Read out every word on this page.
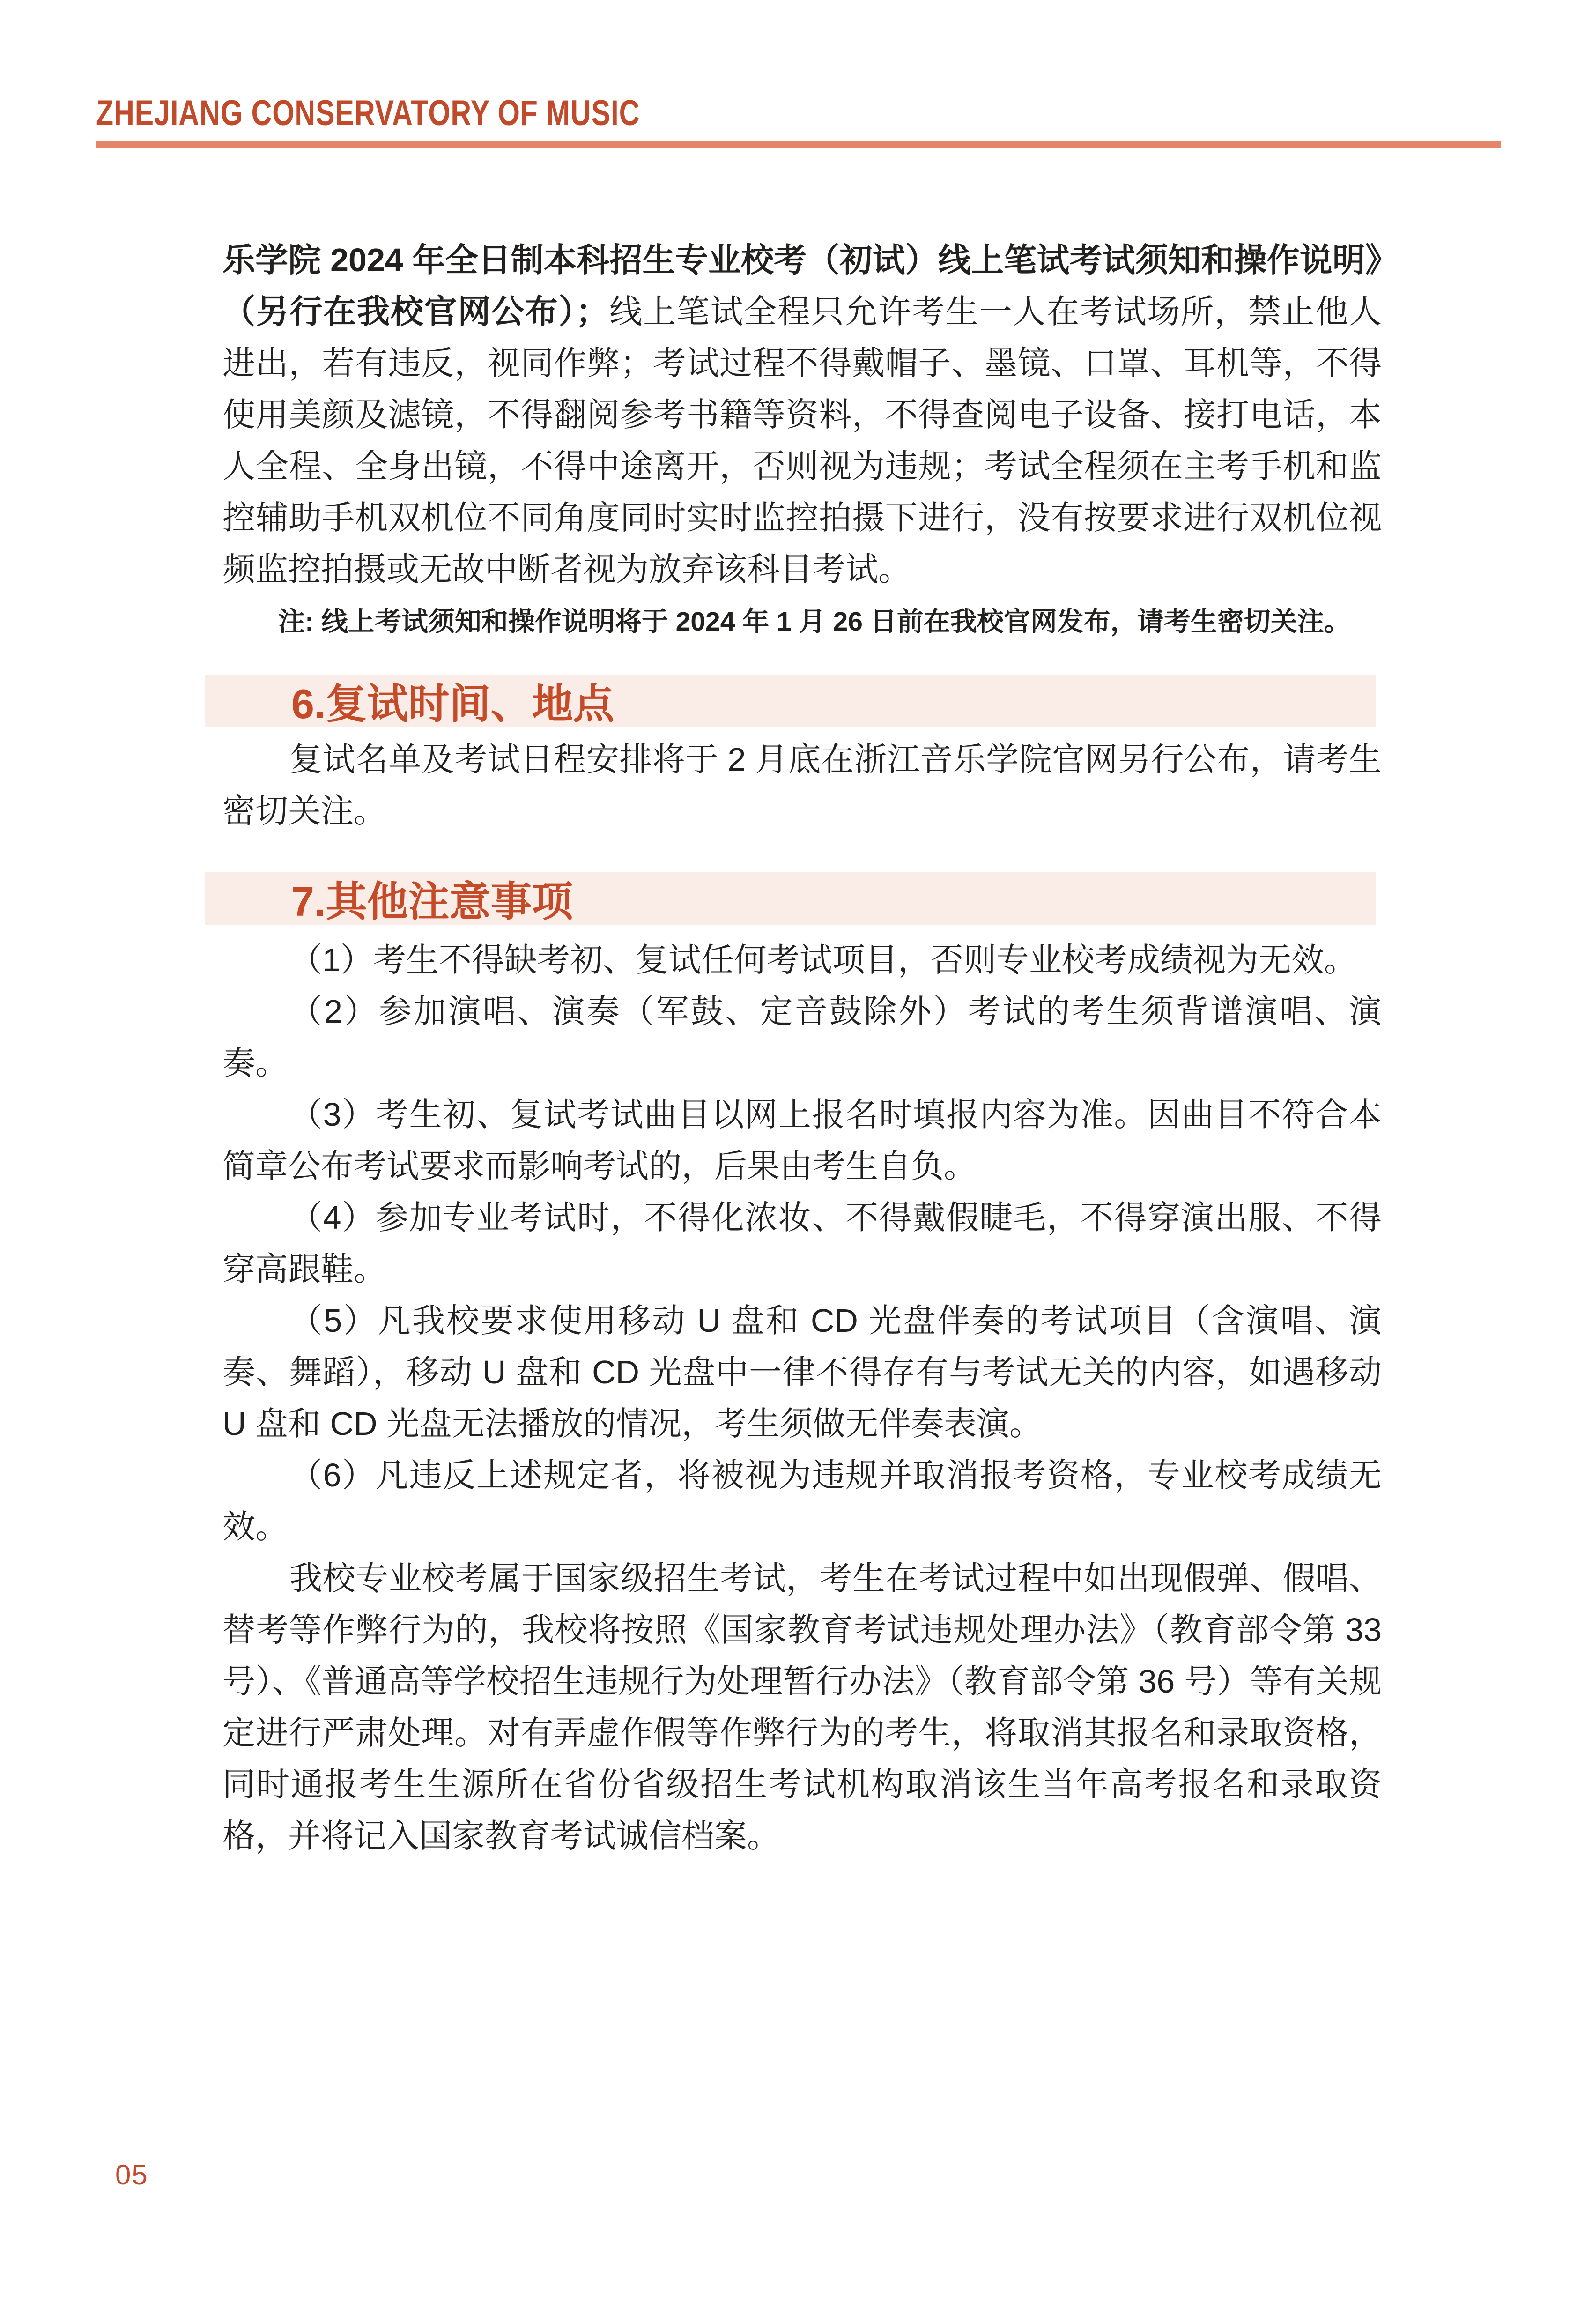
ZHEJIANG CONSERVATORY OF MUSIC

乐学院 2024 年全日制本科招生专业校考（初试）线上笔试考试须知和操作说明》（另行在我校官网公布）；线上笔试全程只允许考生一人在考试场所，禁止他人进出，若有违反，视同作弊；考试过程不得戴帽子、墨镜、口罩、耳机等，不得使用美颜及滤镜，不得翻阅参考书籍等资料，不得查阅电子设备、接打电话，本人全程、全身出镜，不得中途离开，否则视为违规；考试全程须在主考手机和监控辅助手机双机位不同角度同时实时监控拍摄下进行，没有按要求进行双机位视频监控拍摄或无故中断者视为放弃该科目考试。

注: 线上考试须知和操作说明将于 2024 年 1 月 26 日前在我校官网发布，请考生密切关注。
6.复试时间、地点

复试名单及考试日程安排将于 2 月底在浙江音乐学院官网另行公布，请考生密切关注。

7.其他注意事项

（1）考生不得缺考初、复试任何考试项目，否则专业校考成绩视为无效。

（2）参加演唱、演奏（军鼓、定音鼓除外）考试的考生须背谱演唱、演奏。

（3）考生初、复试考试曲目以网上报名时填报内容为准。因曲目不符合本简章公布考试要求而影响考试的，后果由考生自负。

（4）参加专业考试时，不得化浓妆、不得戴假睫毛，不得穿演出服、不得穿高跟鞋。

（5）凡我校要求使用移动 U 盘和 CD 光盘伴奏的考试项目（含演唱、演奏、舞蹈），移动 U 盘和 CD 光盘中一律不得存有与考试无关的内容，如遇移动 U 盘和 CD 光盘无法播放的情况，考生须做无伴奏表演。

（6）凡违反上述规定者，将被视为违规并取消报考资格，专业校考成绩无效。

我校专业校考属于国家级招生考试，考生在考试过程中如出现假弹、假唱、替考等作弊行为的，我校将按照《国家教育考试违规处理办法》（教育部令第 33 号）、《普通高等学校招生违规行为处理暂行办法》（教育部令第 36 号）等有关规定进行严肃处理。对有弄虚作假等作弊行为的考生，将取消其报名和录取资格，同时通报考生生源所在省份省级招生考试机构取消该生当年高考报名和录取资格，并将记入国家教育考试诚信档案。

05
